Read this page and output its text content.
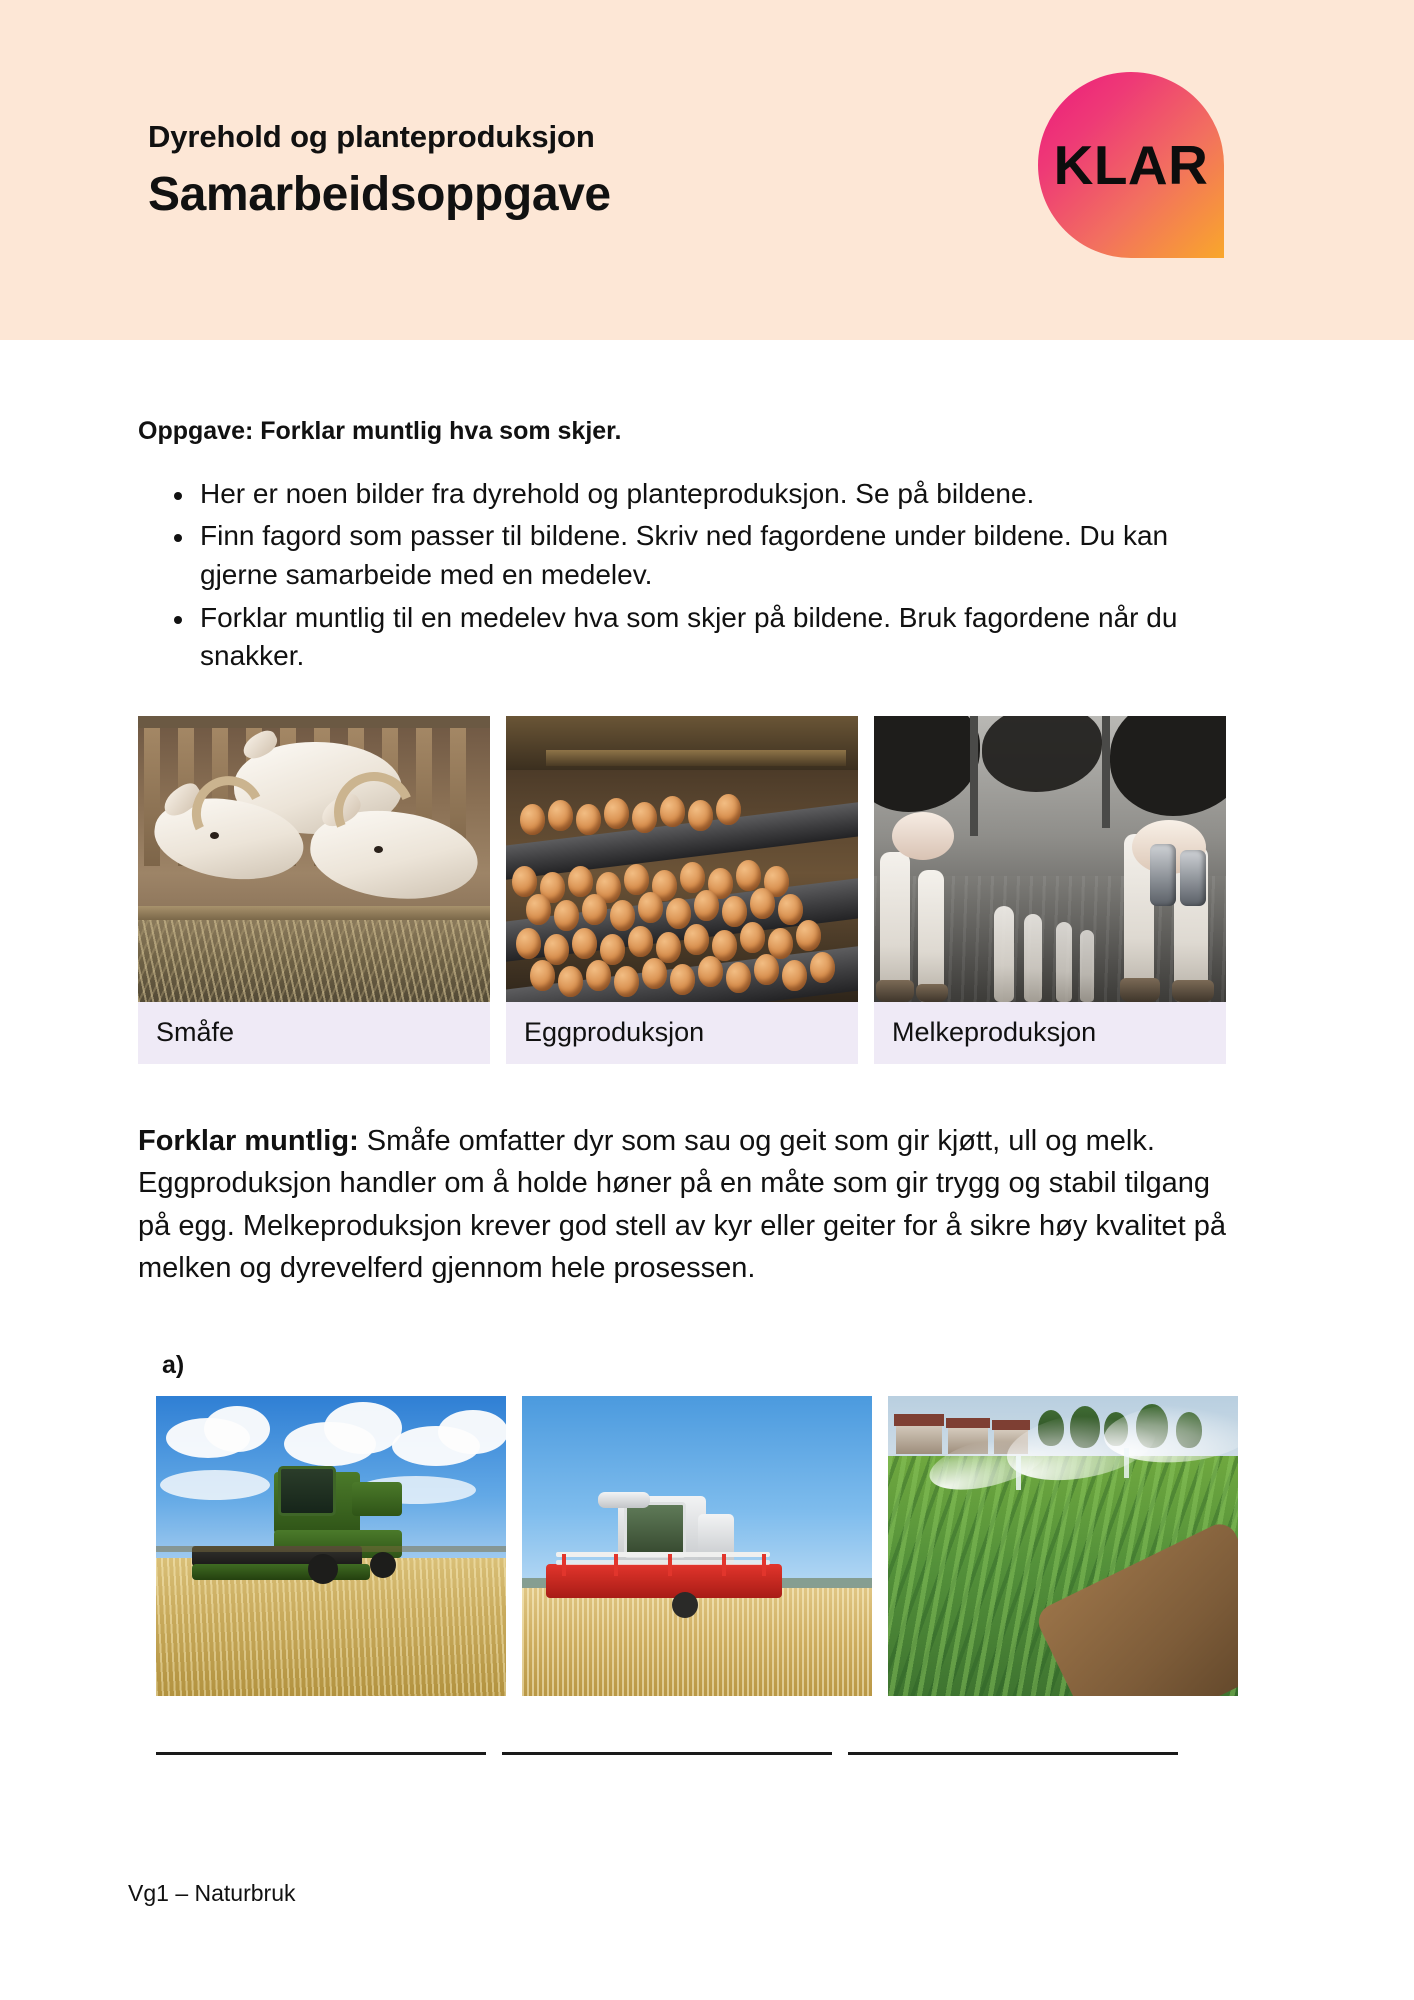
Dyrehold og planteproduksjon

Samarbeidsoppgave	KLAR

Oppgave: Forklar muntlig hva som skjer.

Her er noen bilder fra dyrehold og planteproduksjon. Se på bildene.
Finn fagord som passer til bildene. Skriv ned fagordene under bildene. Du kan gjerne samarbeide med en medelev.
Forklar muntlig til en medelev hva som skjer på bildene. Bruk fagordene når du snakker.
Småfe	Eggproduksjon	Melkeproduksjon

Forklar muntlig: Småfe omfatter dyr som sau og geit som gir kjøtt, ull og melk. Eggproduksjon handler om å holde høner på en måte som gir trygg og stabil tilgang på egg. Melkeproduksjon krever god stell av kyr eller geiter for å sikre høy kvalitet på melken og dyrevelferd gjennom hele prosessen.

a)
Vg1 – Naturbruk
